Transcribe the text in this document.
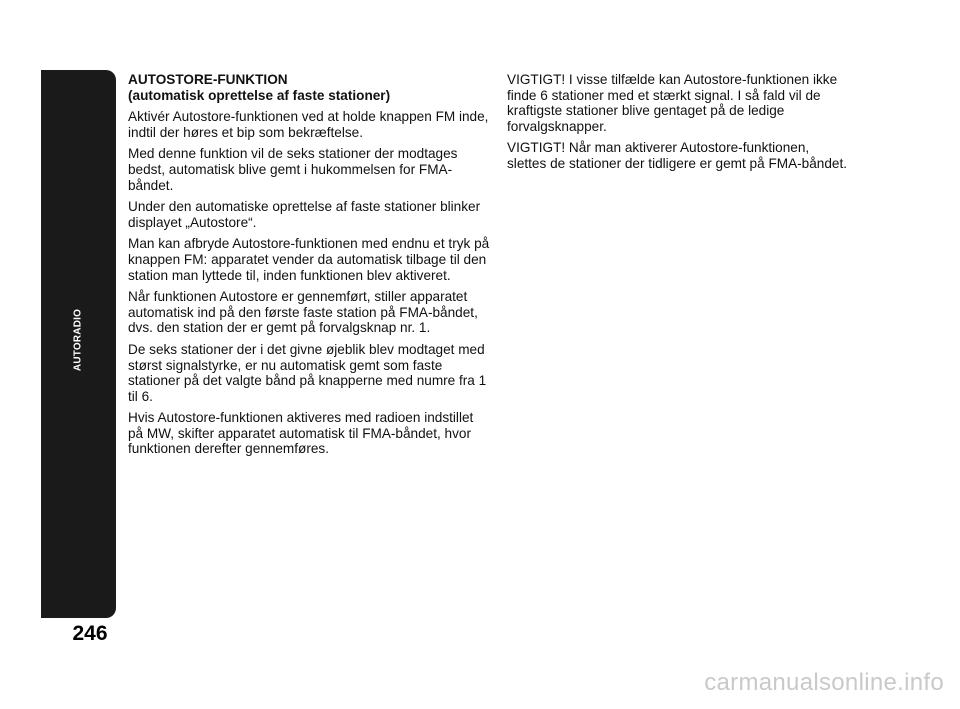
AUTORADIO
246
AUTOSTORE-FUNKTION
(automatisk oprettelse af faste stationer)

Aktivér Autostore-funktionen ved at holde knappen FM inde, indtil der høres et bip som bekræftelse.

Med denne funktion vil de seks stationer der modtages bedst, automatisk blive gemt i hukommelsen for FMA-båndet.

Under den automatiske oprettelse af faste stationer blinker displayet „Autostore“.

Man kan afbryde Autostore-funktionen med endnu et tryk på knappen FM: apparatet vender da automatisk tilbage til den station man lyttede til, inden funktionen blev aktiveret.

Når funktionen Autostore er gennemført, stiller apparatet automatisk ind på den første faste station på FMA-båndet, dvs. den station der er gemt på forvalgsknap nr. 1.

De seks stationer der i det givne øjeblik blev modtaget med størst signalstyrke, er nu automatisk gemt som faste stationer på det valgte bånd på knapperne med numre fra 1 til 6.

Hvis Autostore-funktionen aktiveres med radioen indstillet på MW, skifter apparatet automatisk til FMA-båndet, hvor funktionen derefter gennemføres.

VIGTIGT! I visse tilfælde kan Autostore-funktionen ikke finde 6 stationer med et stærkt signal. I så fald vil de kraftigste stationer blive gentaget på de ledige forvalgsknapper.

VIGTIGT! Når man aktiverer Autostore-funktionen, slettes de stationer der tidligere er gemt på FMA-båndet.

carmanualsonline.info
